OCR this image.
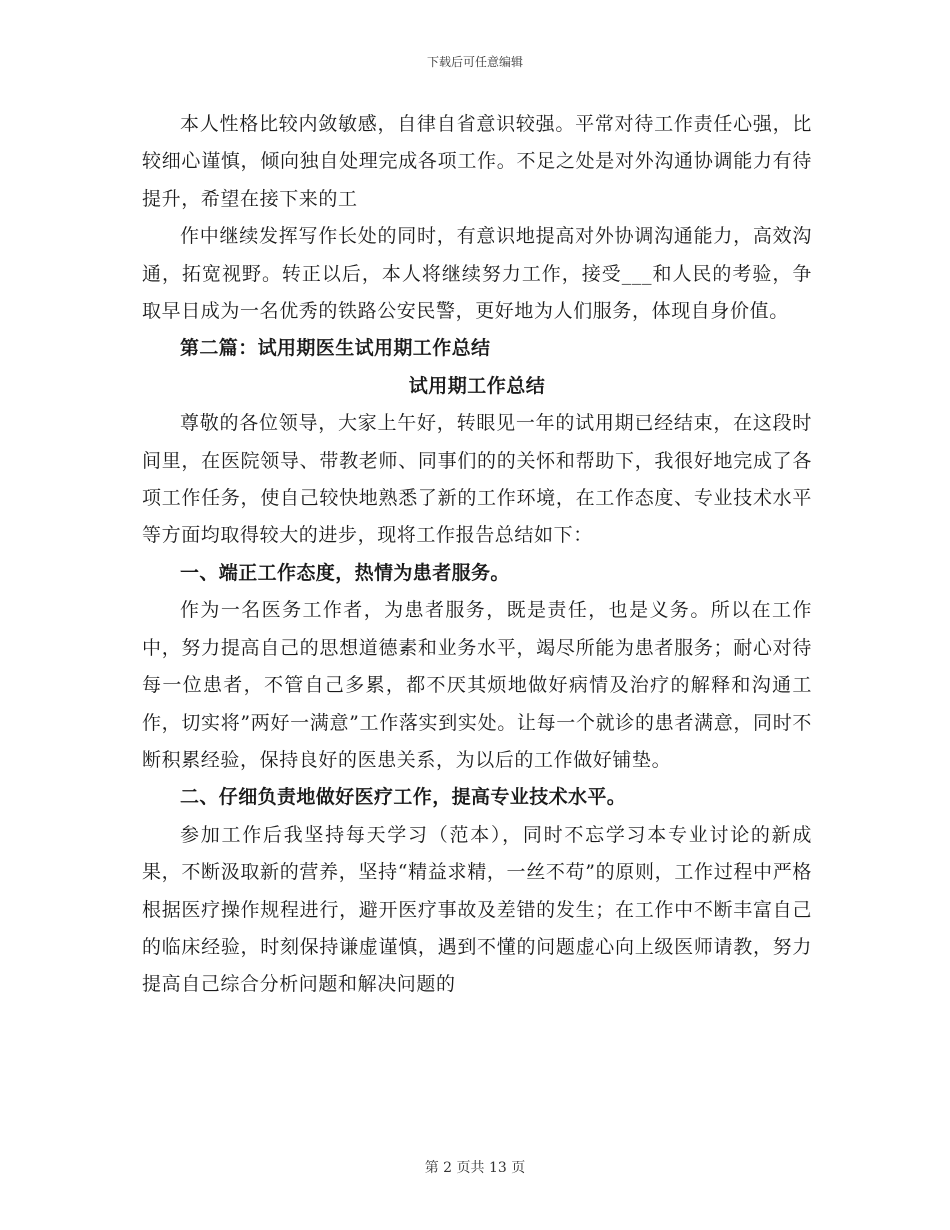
下载后可任意编辑

本人性格比较内敛敏感，自律自省意识较强。平常对待工作责任心强，比较细心谨慎，倾向独自处理完成各项工作。不足之处是对外沟通协调能力有待提升，希望在接下来的工

作中继续发挥写作长处的同时，有意识地提高对外协调沟通能力，高效沟通，拓宽视野。转正以后，本人将继续努力工作，接受___和人民的考验，争取早日成为一名优秀的铁路公安民警，更好地为人们服务，体现自身价值。

第二篇：试用期医生试用期工作总结

试用期工作总结

尊敬的各位领导，大家上午好，转眼见一年的试用期已经结束，在这段时间里，在医院领导、带教老师、同事们的的关怀和帮助下，我很好地完成了各项工作任务，使自己较快地熟悉了新的工作环境，在工作态度、专业技术水平等方面均取得较大的进步，现将工作报告总结如下：

一、端正工作态度，热情为患者服务。

作为一名医务工作者，为患者服务，既是责任，也是义务。所以在工作中，努力提高自己的思想道德素和业务水平，竭尽所能为患者服务；耐心对待每一位患者，不管自己多累，都不厌其烦地做好病情及治疗的解释和沟通工作，切实将”两好一满意”工作落实到实处。让每一个就诊的患者满意，同时不断积累经验，保持良好的医患关系，为以后的工作做好铺垫。

二、仔细负责地做好医疗工作，提高专业技术水平。

参加工作后我坚持每天学习（范本），同时不忘学习本专业讨论的新成果，不断汲取新的营养，坚持“精益求精，一丝不苟”的原则，工作过程中严格根据医疗操作规程进行，避开医疗事故及差错的发生；在工作中不断丰富自己的临床经验，时刻保持谦虚谨慎，遇到不懂的问题虚心向上级医师请教，努力提高自己综合分析问题和解决问题的

第 2 页共 13 页
